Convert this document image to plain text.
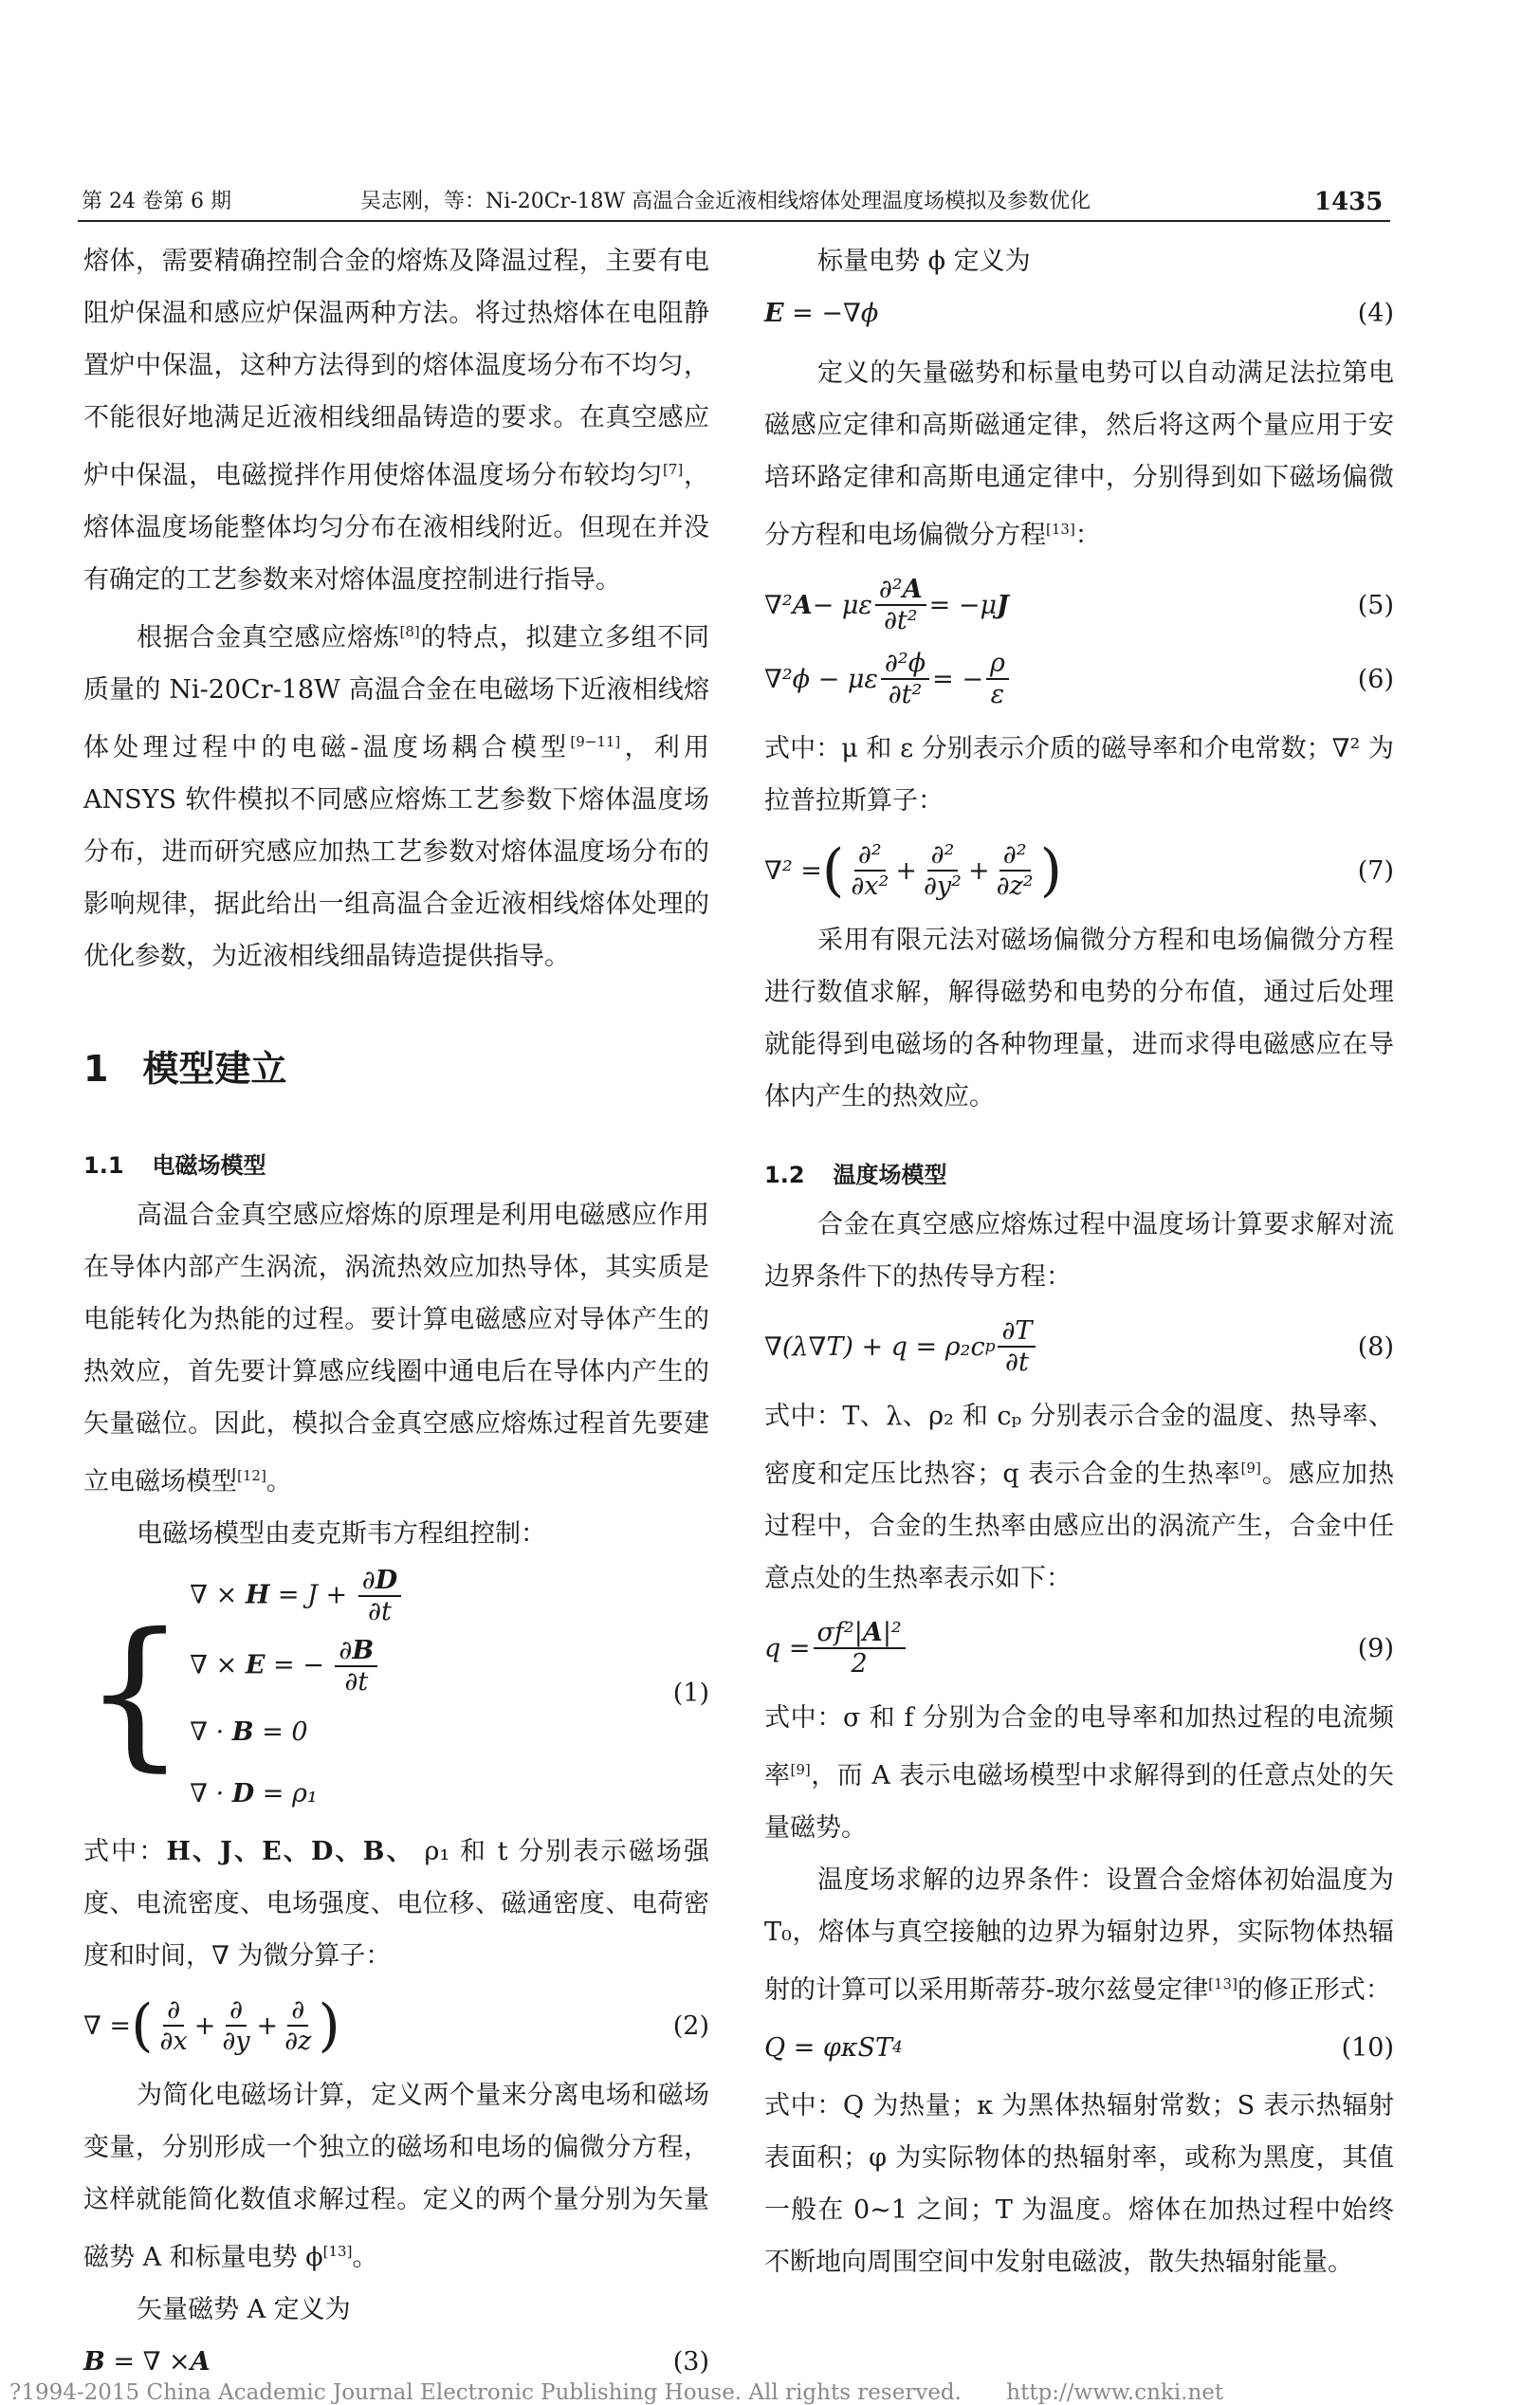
第 24 卷第 6 期	吴志刚，等：Ni-20Cr-18W 高温合金近液相线熔体处理温度场模拟及参数优化	1435

熔体，需要精确控制合金的熔炼及降温过程，主要有电阻炉保温和感应炉保温两种方法。将过热熔体在电阻静置炉中保温，这种方法得到的熔体温度场分布不均匀，不能很好地满足近液相线细晶铸造的要求。在真空感应炉中保温，电磁搅拌作用使熔体温度场分布较均匀[7]，熔体温度场能整体均匀分布在液相线附近。但现在并没有确定的工艺参数来对熔体温度控制进行指导。

根据合金真空感应熔炼[8]的特点，拟建立多组不同质量的 Ni-20Cr-18W 高温合金在电磁场下近液相线熔体处理过程中的电磁-温度场耦合模型[9−11]，利用 ANSYS 软件模拟不同感应熔炼工艺参数下熔体温度场分布，进而研究感应加热工艺参数对熔体温度场分布的影响规律，据此给出一组高温合金近液相线熔体处理的优化参数，为近液相线细晶铸造提供指导。

1 模型建立
1.1 电磁场模型

高温合金真空感应熔炼的原理是利用电磁感应作用在导体内部产生涡流，涡流热效应加热导体，其实质是电能转化为热能的过程。要计算电磁感应对导体产生的热效应，首先要计算感应线圈中通电后在导体内产生的矢量磁位。因此，模拟合金真空感应熔炼过程首先要建立电磁场模型[12]。

电磁场模型由麦克斯韦方程组控制：

{
∇ × $H = J + \frac{\partial D}{\partial t}$
∇ × E = − $\frac{\partial B}{\partial t}$
∇ · B = 0
∇ · D = ρ₁
(1)

式中：H、J、E、D、B、 ρ₁ 和 t 分别表示磁场强度、电流密度、电场强度、电位移、磁通密度、电荷密度和时间，∇ 为微分算子：

∇ = ( $\frac{\partial}{\partial x} + \frac{\partial}{\partial y} + \frac{\partial}{\partial z}$ )	(2)

为简化电磁场计算，定义两个量来分离电场和磁场变量，分别形成一个独立的磁场和电场的偏微分方程，这样就能简化数值求解过程。定义的两个量分别为矢量磁势 A 和标量电势 ϕ[13]。

矢量磁势 A 定义为

B = ∇ × A	(3)

标量电势 ϕ 定义为

E = −∇ϕ	(4)

定义的矢量磁势和标量电势可以自动满足法拉第电磁感应定律和高斯磁通定律，然后将这两个量应用于安培环路定律和高斯电通定律中，分别得到如下磁场偏微分方程和电场偏微分方程[13]：

∇² A − με $\frac{\text{∂²A}}{\text{∂t²}} = -\mu$ J	(5)
∇²ϕ − με $\frac{\text{∂²ϕ}}{\text{∂t²}}$ = − $\frac{\rho}{\varepsilon}$	(6)

式中：μ 和 ε 分别表示介质的磁导率和介电常数；∇² 为拉普拉斯算子：

∇² = ( $\frac{\text{∂²}}{\text{∂x²}} + \frac{\text{∂²}}{\text{∂y²}} + \frac{\text{∂²}}{\text{∂z²}}$ )	(7)

采用有限元法对磁场偏微分方程和电场偏微分方程进行数值求解，解得磁势和电势的分布值，通过后处理就能得到电磁场的各种物理量，进而求得电磁感应在导体内产生的热效应。

1.2 温度场模型

合金在真空感应熔炼过程中温度场计算要求解对流边界条件下的热传导方程：

∇(λ∇T) + q = ρ₂c p $\frac{\partial T}{\partial t}$	(8)

式中：T、λ、ρ₂ 和 cₚ 分别表示合金的温度、热导率、密度和定压比热容；q 表示合金的生热率[9]。感应加热过程中，合金的生热率由感应出的涡流产生，合金中任意点处的生热率表示如下：

$q = \frac{\text{σf²|A|²}}{2}$	(9)

式中：σ 和 f 分别为合金的电导率和加热过程的电流频率[9]，而 A 表示电磁场模型中求解得到的任意点处的矢量磁势。

温度场求解的边界条件：设置合金熔体初始温度为 T₀，熔体与真空接触的边界为辐射边界，实际物体热辐射的计算可以采用斯蒂芬-玻尔兹曼定律[13]的修正形式：

Q = φκST 4	(10)

式中：Q 为热量；κ 为黑体热辐射常数；S 表示热辐射表面积；φ 为实际物体的热辐射率，或称为黑度，其值一般在 0~1 之间；T 为温度。熔体在加热过程中始终不断地向周围空间中发射电磁波，散失热辐射能量。

?1994-2015 China Academic Journal Electronic Publishing House. All rights reserved. http://www.cnki.net
